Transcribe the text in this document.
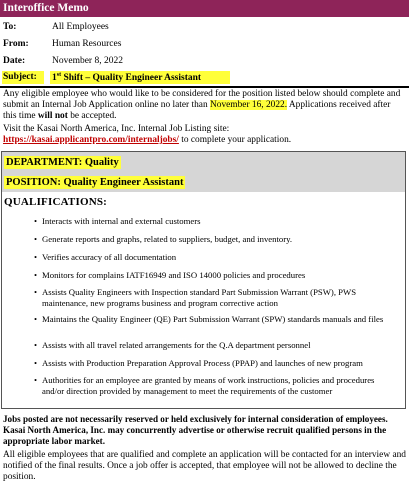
Interoffice Memo
To:	All Employees
From: Human Resources
Date:	November 8, 2022
Subject: 1st Shift – Quality Engineer Assistant
Any eligible employee who would like to be considered for the position listed below should complete and submit an Internal Job Application online no later than November 16, 2022. Applications received after this time will not be accepted.
Visit the Kasai North America, Inc. Internal Job Listing site:
https://kasai.applicantpro.com/internaljobs/ to complete your application.
DEPARTMENT: Quality
POSITION: Quality Engineer Assistant
QUALIFICATIONS:
• Interacts with internal and external customers
• Generate reports and graphs, related to suppliers, budget, and inventory.
• Verifies accuracy of all documentation
• Monitors for complains IATF16949 and ISO 14000 policies and procedures
• Assists Quality Engineers with Inspection standard Part Submission Warrant (PSW), PWS maintenance, new programs business and program corrective action
• Maintains the Quality Engineer (QE) Part Submission Warrant (SPW) standards manuals and files
• Assists with all travel related arrangements for the Q.A department personnel
• Assists with Production Preparation Approval Process (PPAP) and launches of new program
• Authorities for an employee are granted by means of work instructions, policies and procedures and/or direction provided by management to meet the requirements of the customer
Jobs posted are not necessarily reserved or held exclusively for internal consideration of employees. Kasai North America, Inc. may concurrently advertise or otherwise recruit qualified persons in the appropriate labor market.
All eligible employees that are qualified and complete an application will be contacted for an interview and notified of the final results. Once a job offer is accepted, that employee will not be allowed to decline the position.
